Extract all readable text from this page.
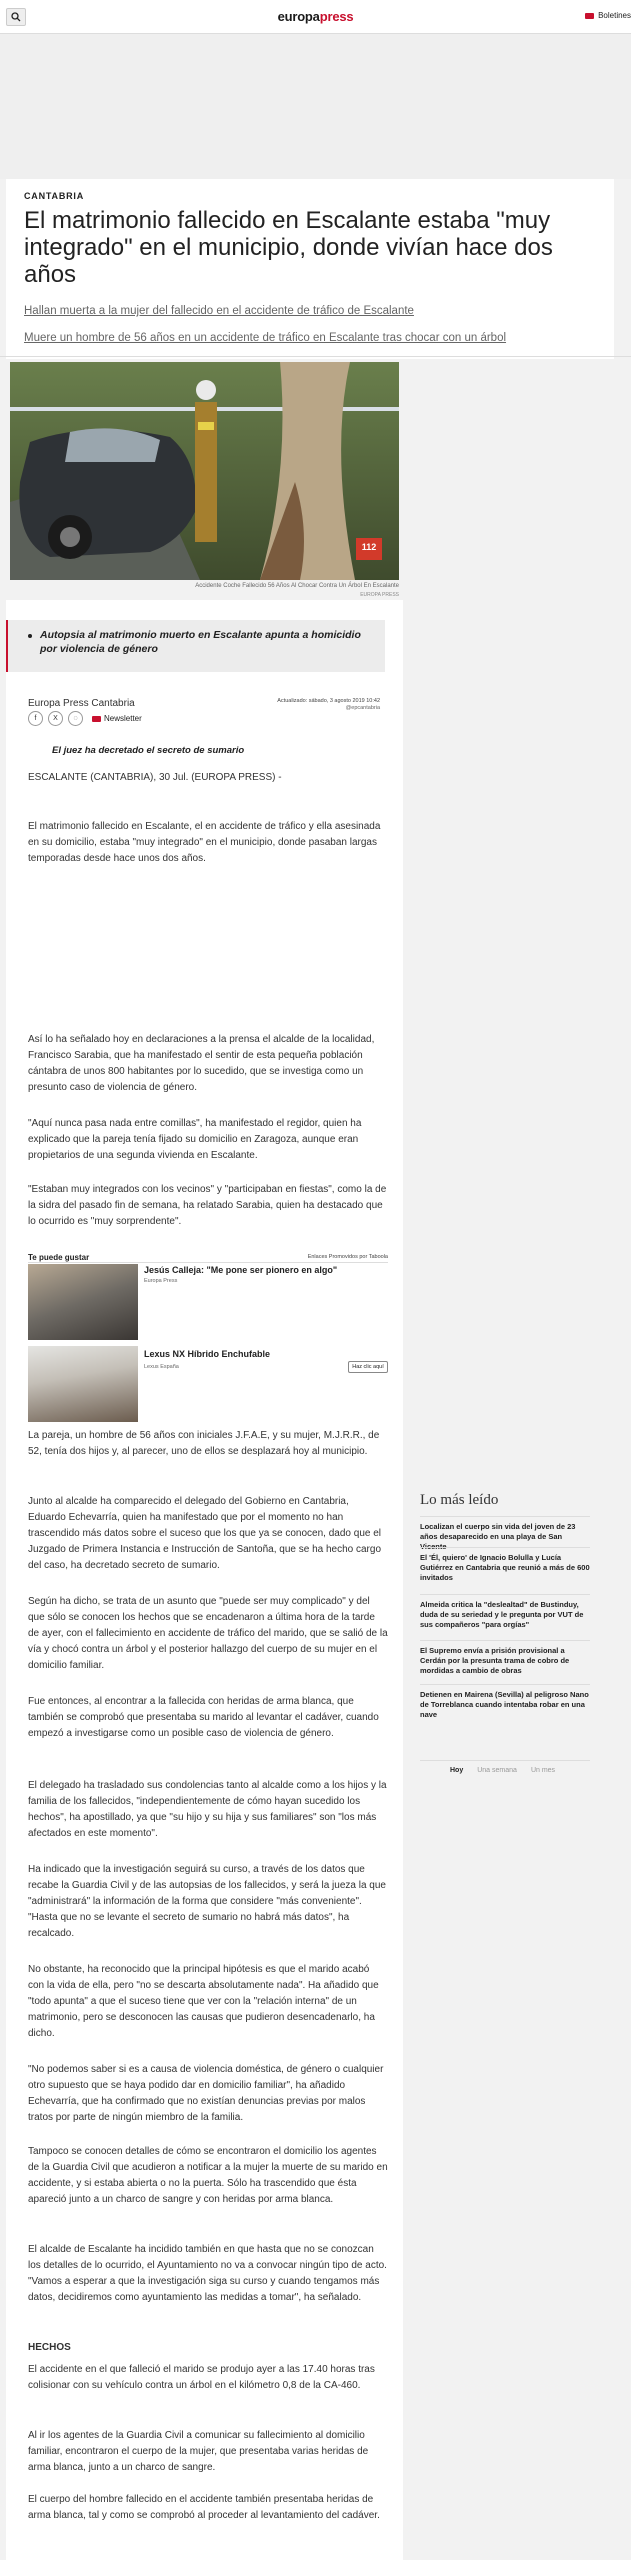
europapress	Boletines
CANTABRIA
El matrimonio fallecido en Escalante estaba "muy integrado" en el municipio, donde vivían hace dos años
Hallan muerta a la mujer del fallecido en el accidente de tráfico de Escalante
Muere un hombre de 56 años en un accidente de tráfico en Escalante tras chocar con un árbol
112
Accidente Coche Fallecido 56 Años Al Chocar Contra Un Árbol En Escalante
EUROPA PRESS
Autopsia al matrimonio muerto en Escalante apunta a homicidio por violencia de género
Europa Press Cantabria	Actualizado: sábado, 3 agosto 2019 10:42
@epcantabria
f	X	◌	Newsletter
El juez ha decretado el secreto de sumario
ESCALANTE (CANTABRIA), 30 Jul. (EUROPA PRESS) -
El matrimonio fallecido en Escalante, el en accidente de tráfico y ella asesinada en su domicilio, estaba "muy integrado" en el municipio, donde pasaban largas temporadas desde hace unos dos años.
Así lo ha señalado hoy en declaraciones a la prensa el alcalde de la localidad, Francisco Sarabia, que ha manifestado el sentir de esta pequeña población cántabra de unos 800 habitantes por lo sucedido, que se investiga como un presunto caso de violencia de género.
"Aquí nunca pasa nada entre comillas", ha manifestado el regidor, quien ha explicado que la pareja tenía fijado su domicilio en Zaragoza, aunque eran propietarios de una segunda vivienda en Escalante.
"Estaban muy integrados con los vecinos" y "participaban en fiestas", como la de la sidra del pasado fin de semana, ha relatado Sarabia, quien ha destacado que lo ocurrido es "muy sorprendente".
Te puede gustar	Enlaces Promovidos por Taboola
Jesús Calleja: "Me pone ser pionero en algo"
Europa Press
Lexus NX Híbrido Enchufable
Lexus España	Haz clic aquí
La pareja, un hombre de 56 años con iniciales J.F.A.E, y su mujer, M.J.R.R., de 52, tenía dos hijos y, al parecer, uno de ellos se desplazará hoy al municipio.
Junto al alcalde ha comparecido el delegado del Gobierno en Cantabria, Eduardo Echevarría, quien ha manifestado que por el momento no han trascendido más datos sobre el suceso que los que ya se conocen, dado que el Juzgado de Primera Instancia e Instrucción de Santoña, que se ha hecho cargo del caso, ha decretado secreto de sumario.
Según ha dicho, se trata de un asunto que "puede ser muy complicado" y del que sólo se conocen los hechos que se encadenaron a última hora de la tarde de ayer, con el fallecimiento en accidente de tráfico del marido, que se salió de la vía y chocó contra un árbol y el posterior hallazgo del cuerpo de su mujer en el domicilio familiar.
Fue entonces, al encontrar a la fallecida con heridas de arma blanca, que también se comprobó que presentaba su marido al levantar el cadáver, cuando empezó a investigarse como un posible caso de violencia de género.
El delegado ha trasladado sus condolencias tanto al alcalde como a los hijos y la familia de los fallecidos, "independientemente de cómo hayan sucedido los hechos", ha apostillado, ya que "su hijo y su hija y sus familiares" son "los más afectados en este momento".
Ha indicado que la investigación seguirá su curso, a través de los datos que recabe la Guardia Civil y de las autopsias de los fallecidos, y será la jueza la que "administrará" la información de la forma que considere "más conveniente". "Hasta que no se levante el secreto de sumario no habrá más datos", ha recalcado.
No obstante, ha reconocido que la principal hipótesis es que el marido acabó con la vida de ella, pero "no se descarta absolutamente nada". Ha añadido que "todo apunta" a que el suceso tiene que ver con la "relación interna" de un matrimonio, pero se desconocen las causas que pudieron desencadenarlo, ha dicho.
"No podemos saber si es a causa de violencia doméstica, de género o cualquier otro supuesto que se haya podido dar en domicilio familiar", ha añadido Echevarría, que ha confirmado que no existían denuncias previas por malos tratos por parte de ningún miembro de la familia.
Tampoco se conocen detalles de cómo se encontraron el domicilio los agentes de la Guardia Civil que acudieron a notificar a la mujer la muerte de su marido en accidente, y si estaba abierta o no la puerta. Sólo ha trascendido que ésta apareció junto a un charco de sangre y con heridas por arma blanca.
El alcalde de Escalante ha incidido también en que hasta que no se conozcan los detalles de lo ocurrido, el Ayuntamiento no va a convocar ningún tipo de acto. "Vamos a esperar a que la investigación siga su curso y cuando tengamos más datos, decidiremos como ayuntamiento las medidas a tomar", ha señalado.
HECHOS
El accidente en el que falleció el marido se produjo ayer a las 17.40 horas tras colisionar con su vehículo contra un árbol en el kilómetro 0,8 de la CA-460.
Al ir los agentes de la Guardia Civil a comunicar su fallecimiento al domicilio familiar, encontraron el cuerpo de la mujer, que presentaba varias heridas de arma blanca, junto a un charco de sangre.
El cuerpo del hombre fallecido en el accidente también presentaba heridas de arma blanca, tal y como se comprobó al proceder al levantamiento del cadáver.
Lo más leído
Localizan el cuerpo sin vida del joven de 23 años desaparecido en una playa de San
El 'Él, quiero' de Ignacio Bolulla y Lucía Gutiérrez en Cantabria que reunió a más de 600 invitados
Almeida critica la "deslealtad" de Bustinduy, duda de su seriedad y le pregunta por VUT de sus compañeros "para orgías"
El Supremo envía a prisión provisional a Cerdán por la presunta trama de cobro de mordidas a cambio de obras
Detienen en Mairena (Sevilla) al peligroso Nano de Torreblanca cuando intentaba robar en una nave
Hoy Una semana Un mes
